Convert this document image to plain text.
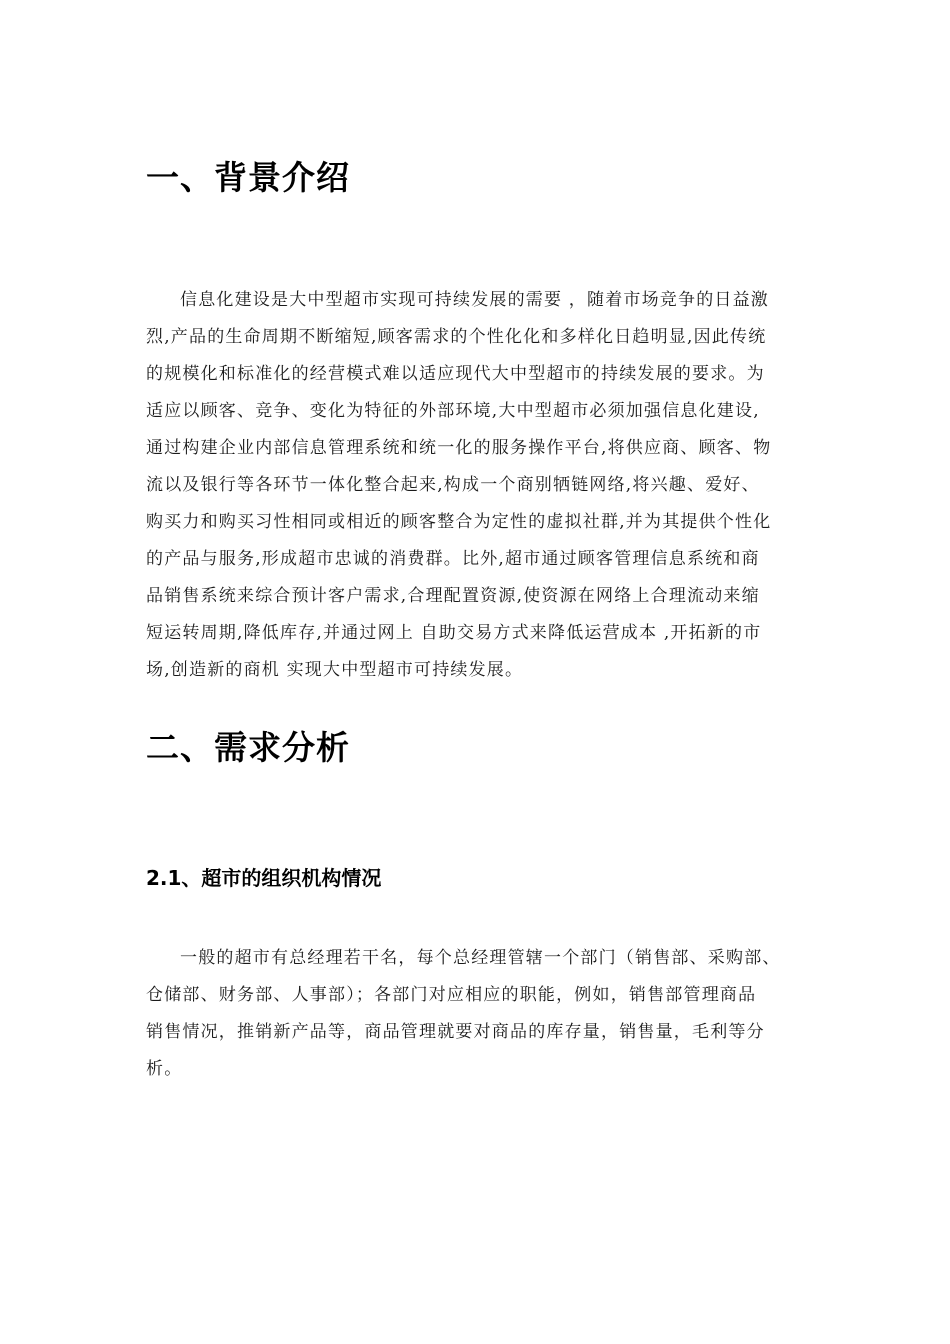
一、背景介绍
信息化建设是大中型超市实现可持续发展的需要 ，随着市场竞争的日益激
烈,产品的生命周期不断缩短,顾客需求的个性化化和多样化日趋明显,因此传统
的规模化和标准化的经营模式难以适应现代大中型超市的持续发展的要求。为
适应以顾客、竞争、变化为特征的外部环境,大中型超市必须加强信息化建设,
通过构建企业内部信息管理系统和统一化的服务操作平台,将供应商、顾客、物
流以及银行等各环节一体化整合起来,构成一个商别牺链网络,将兴趣、爱好、
购买力和购买习性相同或相近的顾客整合为定性的虚拟社群,并为其提供个性化
的产品与服务,形成超市忠诚的消费群。比外,超市通过顾客管理信息系统和商
品销售系统来综合预计客户需求,合理配置资源,使资源在网络上合理流动来缩
短运转周期,降低库存,并通过网上 自助交易方式来降低运营成本 ,开拓新的市
场,创造新的商机 实现大中型超市可持续发展。
二、需求分析
2.1、超市的组织机构情况
一般的超市有总经理若干名，每个总经理管辖一个部门（销售部、采购部、
仓储部、财务部、人事部）；各部门对应相应的职能，例如，销售部管理商品
销售情况，推销新产品等，商品管理就要对商品的库存量，销售量，毛利等分
析。
